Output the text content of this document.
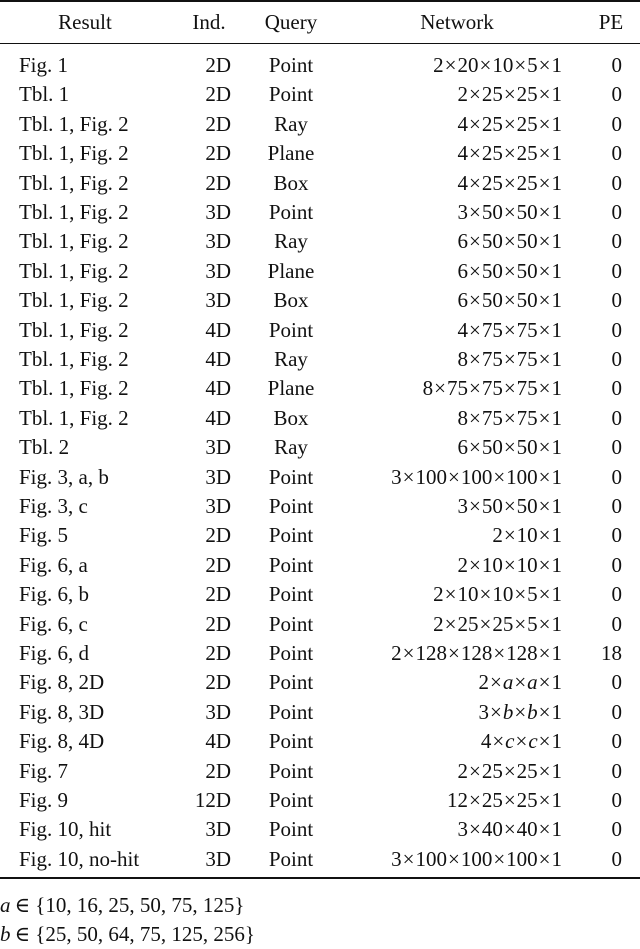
Result	Ind.	Query	Network	PE
Fig. 1	2D	Point	2×20×10×5×1 0
Tbl. 1	2D	Point	2×25×25×1 0
Tbl. 1, Fig. 2	2D	Ray	4×25×25×1 0
Tbl. 1, Fig. 2	2D	Plane	4×25×25×1 0
Tbl. 1, Fig. 2	2D	Box	4×25×25×1 0
Tbl. 1, Fig. 2	3D	Point	3×50×50×1 0
Tbl. 1, Fig. 2	3D	Ray	6×50×50×1 0
Tbl. 1, Fig. 2	3D	Plane	6×50×50×1 0
Tbl. 1, Fig. 2	3D	Box	6×50×50×1 0
Tbl. 1, Fig. 2	4D	Point	4×75×75×1 0
Tbl. 1, Fig. 2	4D	Ray	8×75×75×1 0
Tbl. 1, Fig. 2	4D	Plane	8×75×75×75×1 0
Tbl. 1, Fig. 2	4D	Box	8×75×75×1 0
Tbl. 2	3D	Ray	6×50×50×1 0
Fig. 3, a, b	3D	Point	3×100×100×100×1 0
Fig. 3, c	3D	Point	3×50×50×1 0
Fig. 5	2D	Point	2×10×1 0
Fig. 6, a	2D	Point	2×10×10×1 0
Fig. 6, b	2D	Point	2×10×10×5×1 0
Fig. 6, c	2D	Point	2×25×25×5×1 0
Fig. 6, d	2D	Point	2×128×128×128×1 18
Fig. 8, 2D	2D	Point	2×a×a×1 0
Fig. 8, 3D	3D	Point	3×b×b×1 0
Fig. 8, 4D	4D	Point	4×c×c×1 0
Fig. 7	2D	Point	2×25×25×1 0
Fig. 9	12D	Point	12×25×25×1 0
Fig. 10, hit	3D	Point	3×40×40×1 0
Fig. 10, no-hit	3D	Point	3×100×100×100×1 0
a ∈ {10, 16, 25, 50, 75, 125}
b ∈ {25, 50, 64, 75, 125, 256}
